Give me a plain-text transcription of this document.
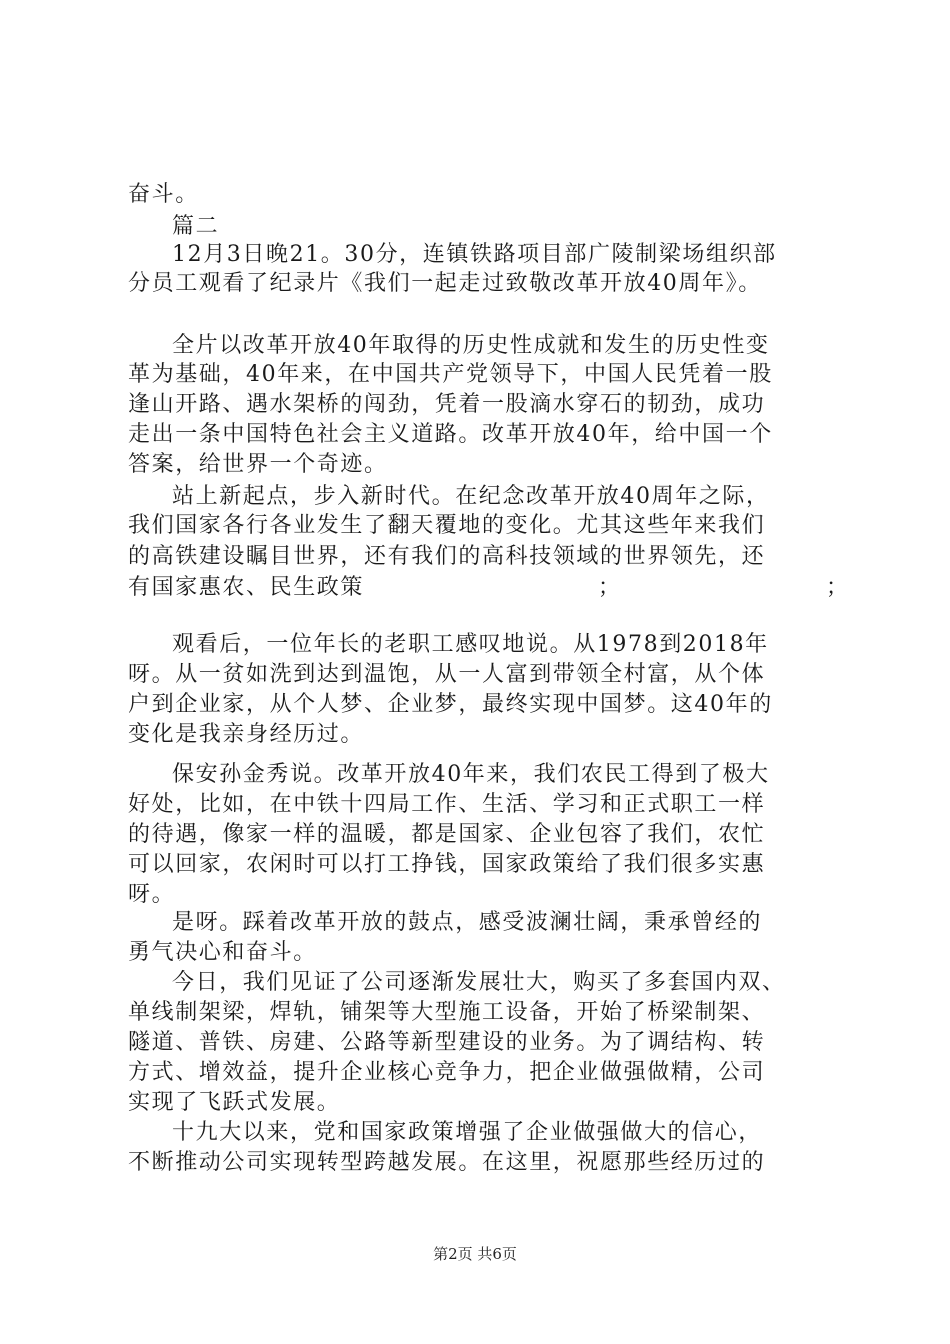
奋斗。
篇二
12月3日晚21。30分，连镇铁路项目部广陵制梁场组织部
分员工观看了纪录片《我们一起走过致敬改革开放40周年》。
全片以改革开放40年取得的历史性成就和发生的历史性变
革为基础，40年来，在中国共产党领导下，中国人民凭着一股
逢山开路、遇水架桥的闯劲，凭着一股滴水穿石的韧劲，成功
走出一条中国特色社会主义道路。改革开放40年，给中国一个
答案，给世界一个奇迹。
站上新起点，步入新时代。在纪念改革开放40周年之际，
我们国家各行各业发生了翻天覆地的变化。尤其这些年来我们
的高铁建设瞩目世界，还有我们的高科技领域的世界领先，还
有国家惠农、民生政策	；	；
观看后，一位年长的老职工感叹地说。从1978到2018年
呀。从一贫如洗到达到温饱，从一人富到带领全村富，从个体
户到企业家，从个人梦、企业梦，最终实现中国梦。这40年的
变化是我亲身经历过。
保安孙金秀说。改革开放40年来，我们农民工得到了极大
好处，比如，在中铁十四局工作、生活、学习和正式职工一样
的待遇，像家一样的温暖，都是国家、企业包容了我们，农忙
可以回家，农闲时可以打工挣钱，国家政策给了我们很多实惠
呀。
是呀。踩着改革开放的鼓点，感受波澜壮阔，秉承曾经的
勇气决心和奋斗。
今日，我们见证了公司逐渐发展壮大，购买了多套国内双、
单线制架梁，焊轨，铺架等大型施工设备，开始了桥梁制架、
隧道、普铁、房建、公路等新型建设的业务。为了调结构、转
方式、增效益，提升企业核心竞争力，把企业做强做精，公司
实现了飞跃式发展。
十九大以来，党和国家政策增强了企业做强做大的信心，
不断推动公司实现转型跨越发展。在这里，祝愿那些经历过的
第2页 共6页
